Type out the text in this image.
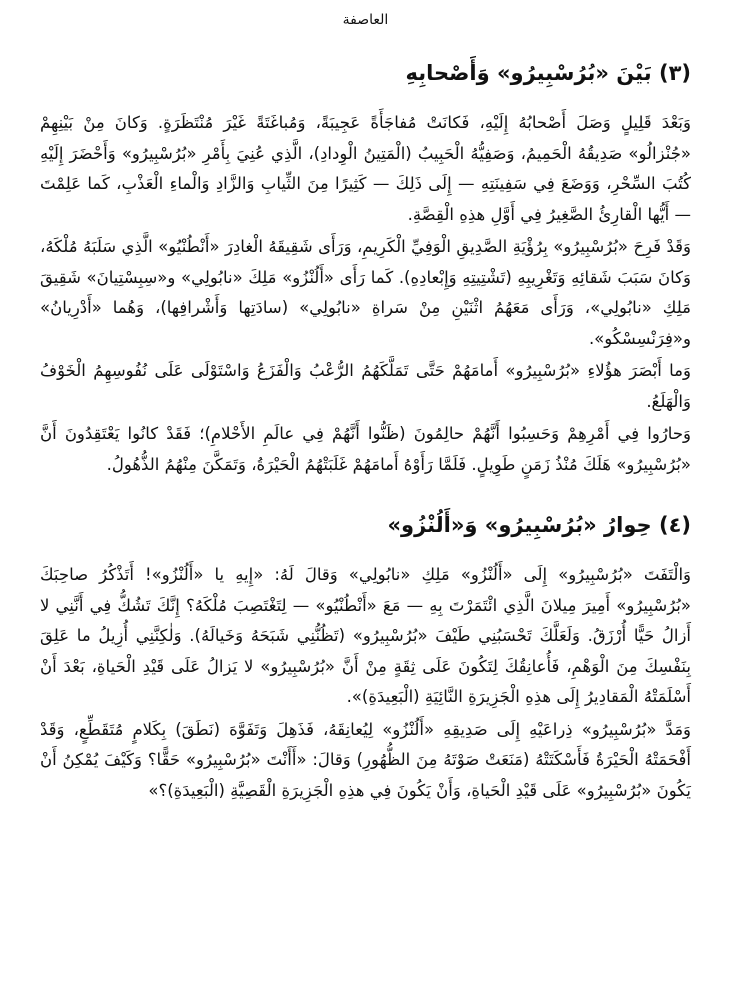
العاصفة
(٣) بَيْنَ «بُرُسْبِيرُو» وَأَصْحابِهِ

وَبَعْدَ قَلِيلٍ وَصَلَ أَصْحابُهُ إِلَيْهِ، فَكانَتْ مُفاجَأَةً عَجِيبَةً، وَمُباغَتَةً غَيْرَ مُنْتَظَرَةٍ. وَكانَ مِنْ بَيْنِهِمْ «جُنْزالُو» صَدِيقُهُ الْحَمِيمُ، وَصَفِيُّهُ الْحَبِيبُ (الْمَتِينُ الْوِدادِ)، الَّذِي عُنِيَ بِأَمْرِ «بُرُسْبِيرُو» وَأَحْضَرَ إِلَيْهِ كُتُبَ السِّحْرِ، وَوَضَعَ فِي سَفِينَتِهِ — إِلَى ذَلِكَ — كَثِيرًا مِنَ الثِّيابِ وَالزَّادِ وَالْماءِ الْعَذْبِ، كَما عَلِمْتَ — أَيُّها الْقارِئُ الصَّغِيرُ فِي أَوَّلِ هذِهِ الْقِصَّةِ.

وَقَدْ فَرِحَ «بُرُسْبِيرُو» بِرُؤْيَةِ الصَّدِيقِ الْوَفِيِّ الْكَرِيمِ، وَرَأَى شَقِيقَهُ الْغادِرَ «أَنْطُنْيُو» الَّذِي سَلَبَهُ مُلْكَهُ، وَكانَ سَبَبَ شَقائِهِ وَتَغْرِيبِهِ (تَشْتِيتِهِ وَإِبْعادِهِ). كَما رَأَى «أَلُنْزُو» مَلِكَ «نابُولِي» و«سِبِسْتِيانَ» شَقِيقَ مَلِكِ «نابُولِي»، وَرَأَى مَعَهُمُ اثْنَيْنِ مِنْ سَراةِ «نابُولِي» (سادَتِها وَأَشْرافِها)، وَهُما «أَدْرِيانُ» و«فِرَنْسِسْكُو».

وَما أَبْصَرَ هؤُلاءِ «بُرُسْبِيرُو» أَمامَهُمْ حَتَّى تَمَلَّكَهُمُ الرُّعْبُ وَالْفَزَعُ وَاسْتَوْلَى عَلَى نُفُوسِهِمُ الْخَوْفُ وَالْهَلَعُ.

وَحارُوا فِي أَمْرِهِمْ وَحَسِبُوا أَنَّهُمْ حالِمُونَ (ظَنُّوا أَنَّهُمْ فِي عالَمِ الأَحْلامِ)؛ فَقَدْ كانُوا يَعْتَقِدُونَ أَنَّ «بُرُسْبِيرُو» هَلَكَ مُنْذُ زَمَنٍ طَوِيلٍ. فَلَمَّا رَأَوْهُ أَمامَهُمْ غَلَبَتْهُمُ الْحَيْرَةُ، وَتَمَكَّنَ مِنْهُمُ الذُّهُولُ.

(٤) حِوارُ «بُرُسْبِيرُو» وَ«أَلُنْزُو»

وَالْتَفَتَ «بُرُسْبِيرُو» إِلَى «أَلُنْزُو» مَلِكِ «نابُولِي» وَقالَ لَهُ: «إِيهِ يا «أَلُنْزُو»! أَتَذْكُرُ صاحِبَكَ «بُرُسْبِيرُو» أَمِيرَ مِيلانَ الَّذِي ائْتَمَرْتَ بِهِ — مَعَ «أَنْطُنْيُو» — لِتَغْتَصِبَ مُلْكَهُ؟ إِنَّكَ تَشُكُّ فِي أَنَّنِي لا أَزالُ حَيًّا أُرْزَقُ. وَلَعَلَّكَ تَحْسَبُنِي طَيْفَ «بُرُسْبِيرُو» (تَظُنُّنِي شَبَحَهُ وَخَيالَهُ). وَلٰكِنَّنِي أُزِيلُ ما عَلِقَ بِنَفْسِكَ مِنَ الْوَهْمِ، فَأُعانِقُكَ لِتَكُونَ عَلَى ثِقَةٍ مِنْ أَنَّ «بُرُسْبِيرُو» لا يَزالُ عَلَى قَيْدِ الْحَياةِ، بَعْدَ أَنْ أَسْلَمَتْهُ الْمَقادِيرُ إِلَى هذِهِ الْجَزِيرَةِ النَّائِيَةِ (الْبَعِيدَةِ)».

وَمَدَّ «بُرُسْبِيرُو» ذِراعَيْهِ إِلَى صَدِيقِهِ «أَلُنْزُو» لِيُعانِقَهُ، فَذَهِلَ وَتَفَوَّهَ (نَطَقَ) بِكَلامٍ مُتَقَطِّعٍ، وَقَدْ أَفْحَمَتْهُ الْحَيْرَةُ فَأَسْكَتَتْهُ (مَنَعَتْ صَوْتَهُ مِنَ الظُّهُورِ) وَقالَ: «أَأَنْتَ «بُرُسْبِيرُو» حَقًّا؟ وَكَيْفَ يُمْكِنُ أَنْ يَكُونَ «بُرُسْبِيرُو» عَلَى قَيْدِ الْحَياةِ، وَأَنْ يَكُونَ فِي هذِهِ الْجَزِيرَةِ الْقَصِيَّةِ (الْبَعِيدَةِ)؟»
